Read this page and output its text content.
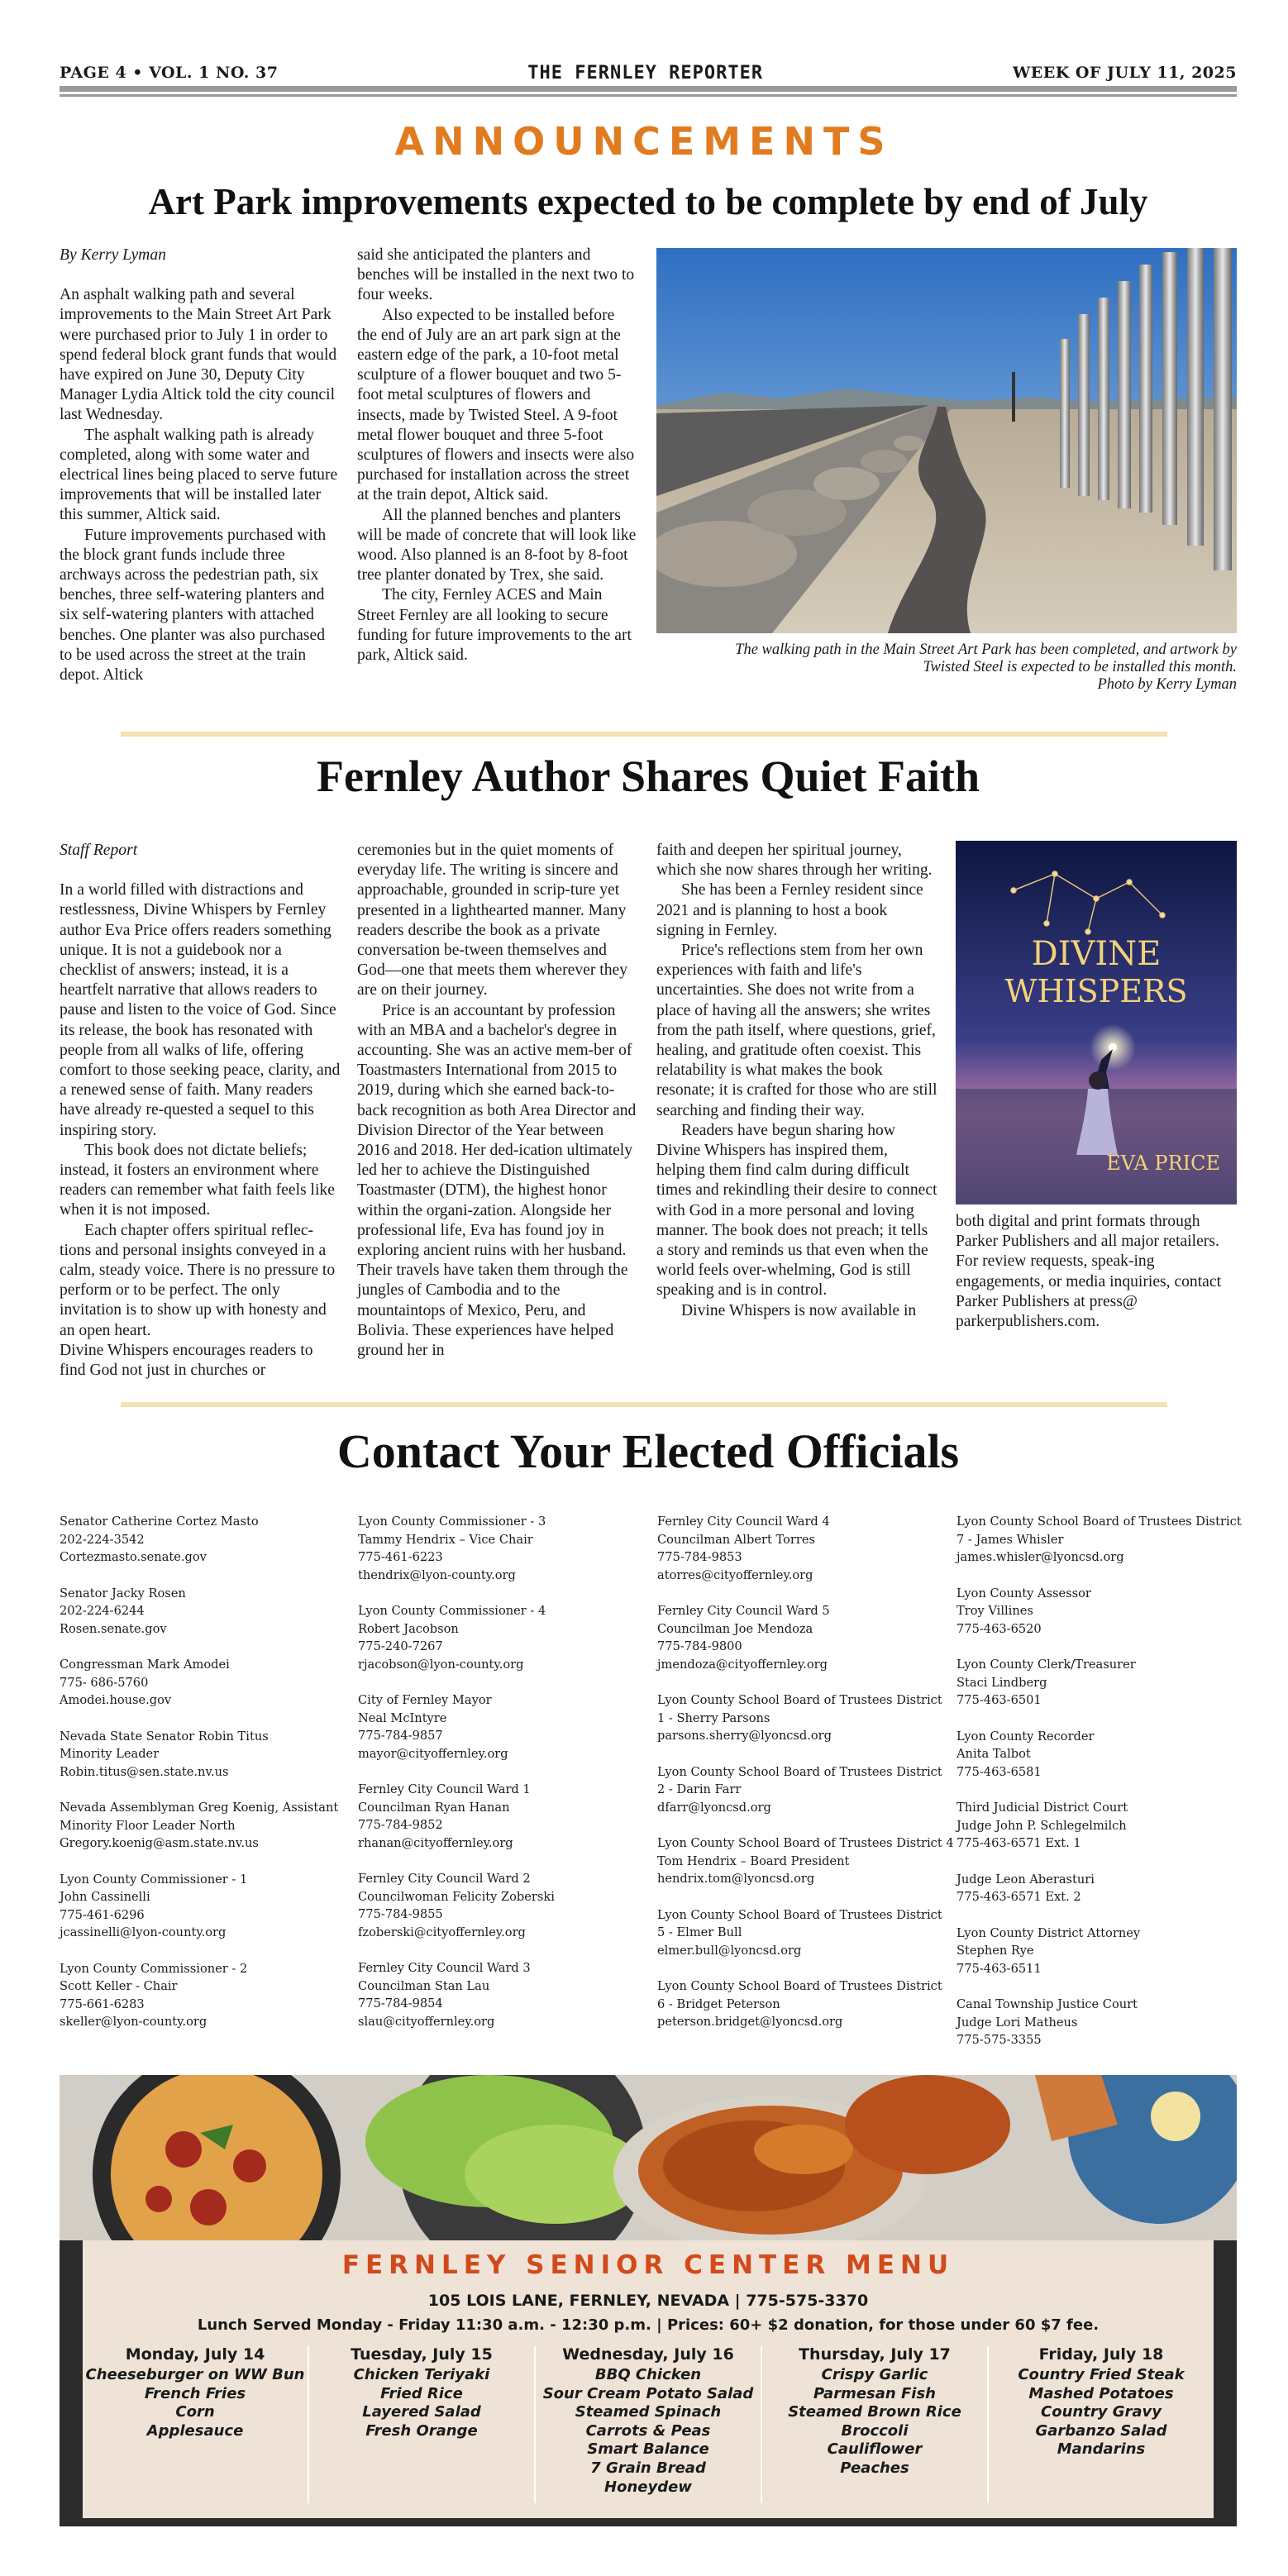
PAGE 4 • VOL. 1 NO. 37	THE FERNLEY REPORTER	WEEK OF JULY 11, 2025
ANNOUNCEMENTS
Art Park improvements expected to be complete by end of July

By Kerry Lyman

An asphalt walking path and several improvements to the Main Street Art Park were purchased prior to July 1 in order to spend federal block grant funds that would have expired on June 30, Deputy City Manager Lydia Altick told the city council last Wednesday.

The asphalt walking path is already completed, along with some water and electrical lines being placed to serve future improvements that will be installed later this summer, Altick said.

Future improvements purchased with the block grant funds include three archways across the pedestrian path, six benches, three self-watering planters and six self-watering planters with attached benches. One planter was also purchased to be used across the street at the train depot. Altick

said she anticipated the planters and benches will be installed in the next two to four weeks.

Also expected to be installed before the end of July are an art park sign at the eastern edge of the park, a 10-foot metal sculpture of a flower bouquet and two 5-foot metal sculptures of flowers and insects, made by Twisted Steel. A 9-foot metal flower bouquet and three 5-foot sculptures of flowers and insects were also purchased for installation across the street at the train depot, Altick said.

All the planned benches and planters will be made of concrete that will look like wood. Also planned is an 8-foot by 8-foot tree planter donated by Trex, she said.

The city, Fernley ACES and Main Street Fernley are all looking to secure funding for future improvements to the art park, Altick said.	The walking path in the Main Street Art Park has been completed, and artwork by
Twisted Steel is expected to be installed this month.
Photo by Kerry Lyman
Fernley Author Shares Quiet Faith

Staff Report

In a world filled with distractions and restlessness, Divine Whispers by Fernley author Eva Price offers readers something unique. It is not a guidebook nor a checklist of answers; instead, it is a heartfelt narrative that allows readers to pause and listen to the voice of God. Since its release, the book has resonated with people from all walks of life, offering comfort to those seeking peace, clarity, and a renewed sense of faith. Many readers have already re-quested a sequel to this inspiring story.

This book does not dictate beliefs; instead, it fosters an environment where readers can remember what faith feels like when it is not imposed.

Each chapter offers spiritual reflec-tions and personal insights conveyed in a calm, steady voice. There is no pressure to perform or to be perfect. The only invitation is to show up with honesty and an open heart.

Divine Whispers encourages readers to find God not just in churches or

ceremonies but in the quiet moments of everyday life. The writing is sincere and approachable, grounded in scrip-ture yet presented in a lighthearted manner. Many readers describe the book as a private conversation be-tween themselves and God—one that meets them wherever they are on their journey.

Price is an accountant by profession with an MBA and a bachelor's degree in accounting. She was an active mem-ber of Toastmasters International from 2015 to 2019, during which she earned back-to-back recognition as both Area Director and Division Director of the Year between 2016 and 2018. Her ded-ication ultimately led her to achieve the Distinguished Toastmaster (DTM), the highest honor within the organi-zation. Alongside her professional life, Eva has found joy in exploring ancient ruins with her husband. Their travels have taken them through the jungles of Cambodia and to the mountaintops of Mexico, Peru, and Bolivia. These experiences have helped ground her in

faith and deepen her spiritual journey, which she now shares through her writing.

She has been a Fernley resident since 2021 and is planning to host a book signing in Fernley.

Price's reflections stem from her own experiences with faith and life's uncertainties. She does not write from a place of having all the answers; she writes from the path itself, where questions, grief, healing, and gratitude often coexist. This relatability is what makes the book resonate; it is crafted for those who are still searching and finding their way.

Readers have begun sharing how Divine Whispers has inspired them, helping them find calm during difficult times and rekindling their desire to connect with God in a more personal and loving manner. The book does not preach; it tells a story and reminds us that even when the world feels over-whelming, God is still speaking and is in control.

Divine Whispers is now available in

DIVINE
WHISPERS
EVA PRICE

both digital and print formats through Parker Publishers and all major retailers. For review requests, speak-ing engagements, or media inquiries, contact Parker Publishers at press@ parkerpublishers.com.

Contact Your Elected Officials
Senator Catherine Cortez Masto
202-224-3542
Cortezmasto.senate.gov
Senator Jacky Rosen
202-224-6244
Rosen.senate.gov
Congressman Mark Amodei
775- 686-5760
Amodei.house.gov
Nevada State Senator Robin Titus
Minority Leader
Robin.titus@sen.state.nv.us
Nevada Assemblyman Greg Koenig, Assistant
Minority Floor Leader North
Gregory.koenig@asm.state.nv.us
Lyon County Commissioner - 1
John Cassinelli
775-461-6296
jcassinelli@lyon-county.org
Lyon County Commissioner - 2
Scott Keller - Chair
775-661-6283
skeller@lyon-county.org
Lyon County Commissioner - 3
Tammy Hendrix – Vice Chair
775-461-6223
thendrix@lyon-county.org
Lyon County Commissioner - 4
Robert Jacobson
775-240-7267
rjacobson@lyon-county.org
City of Fernley Mayor
Neal McIntyre
775-784-9857
mayor@cityoffernley.org
Fernley City Council Ward 1
Councilman Ryan Hanan
775-784-9852
rhanan@cityoffernley.org
Fernley City Council Ward 2
Councilwoman Felicity Zoberski
775-784-9855
fzoberski@cityoffernley.org
Fernley City Council Ward 3
Councilman Stan Lau
775-784-9854
slau@cityoffernley.org
Fernley City Council Ward 4
Councilman Albert Torres
775-784-9853
atorres@cityoffernley.org
Fernley City Council Ward 5
Councilman Joe Mendoza
775-784-9800
jmendoza@cityoffernley.org
Lyon County School Board of Trustees District
1 - Sherry Parsons
parsons.sherry@lyoncsd.org
Lyon County School Board of Trustees District
2 - Darin Farr
dfarr@lyoncsd.org
Lyon County School Board of Trustees District 4
Tom Hendrix – Board President
hendrix.tom@lyoncsd.org
Lyon County School Board of Trustees District
5 - Elmer Bull
elmer.bull@lyoncsd.org
Lyon County School Board of Trustees District
6 - Bridget Peterson
peterson.bridget@lyoncsd.org
Lyon County School Board of Trustees District
7 - James Whisler
james.whisler@lyoncsd.org
Lyon County Assessor
Troy Villines
775-463-6520
Lyon County Clerk/Treasurer
Staci Lindberg
775-463-6501
Lyon County Recorder
Anita Talbot
775-463-6581
Third Judicial District Court
Judge John P. Schlegelmilch
775-463-6571 Ext. 1
Judge Leon Aberasturi
775-463-6571 Ext. 2
Lyon County District Attorney
Stephen Rye
775-463-6511
Canal Township Justice Court
Judge Lori Matheus
775-575-3355
FERNLEY SENIOR CENTER MENU
105 LOIS LANE, FERNLEY, NEVADA | 775-575-3370
Lunch Served Monday - Friday 11:30 a.m. - 12:30 p.m. | Prices: 60+ $2 donation, for those under 60 $7 fee.
Monday, July 14
Cheeseburger on WW Bun
French Fries
Corn
Applesauce
Tuesday, July 15
Chicken Teriyaki
Fried Rice
Layered Salad
Fresh Orange
Wednesday, July 16
BBQ Chicken
Sour Cream Potato Salad
Steamed Spinach
Carrots & Peas
Smart Balance
7 Grain Bread
Honeydew
Thursday, July 17
Crispy Garlic
Parmesan Fish
Steamed Brown Rice
Broccoli
Cauliflower
Peaches
Friday, July 18
Country Fried Steak
Mashed Potatoes
Country Gravy
Garbanzo Salad
Mandarins
